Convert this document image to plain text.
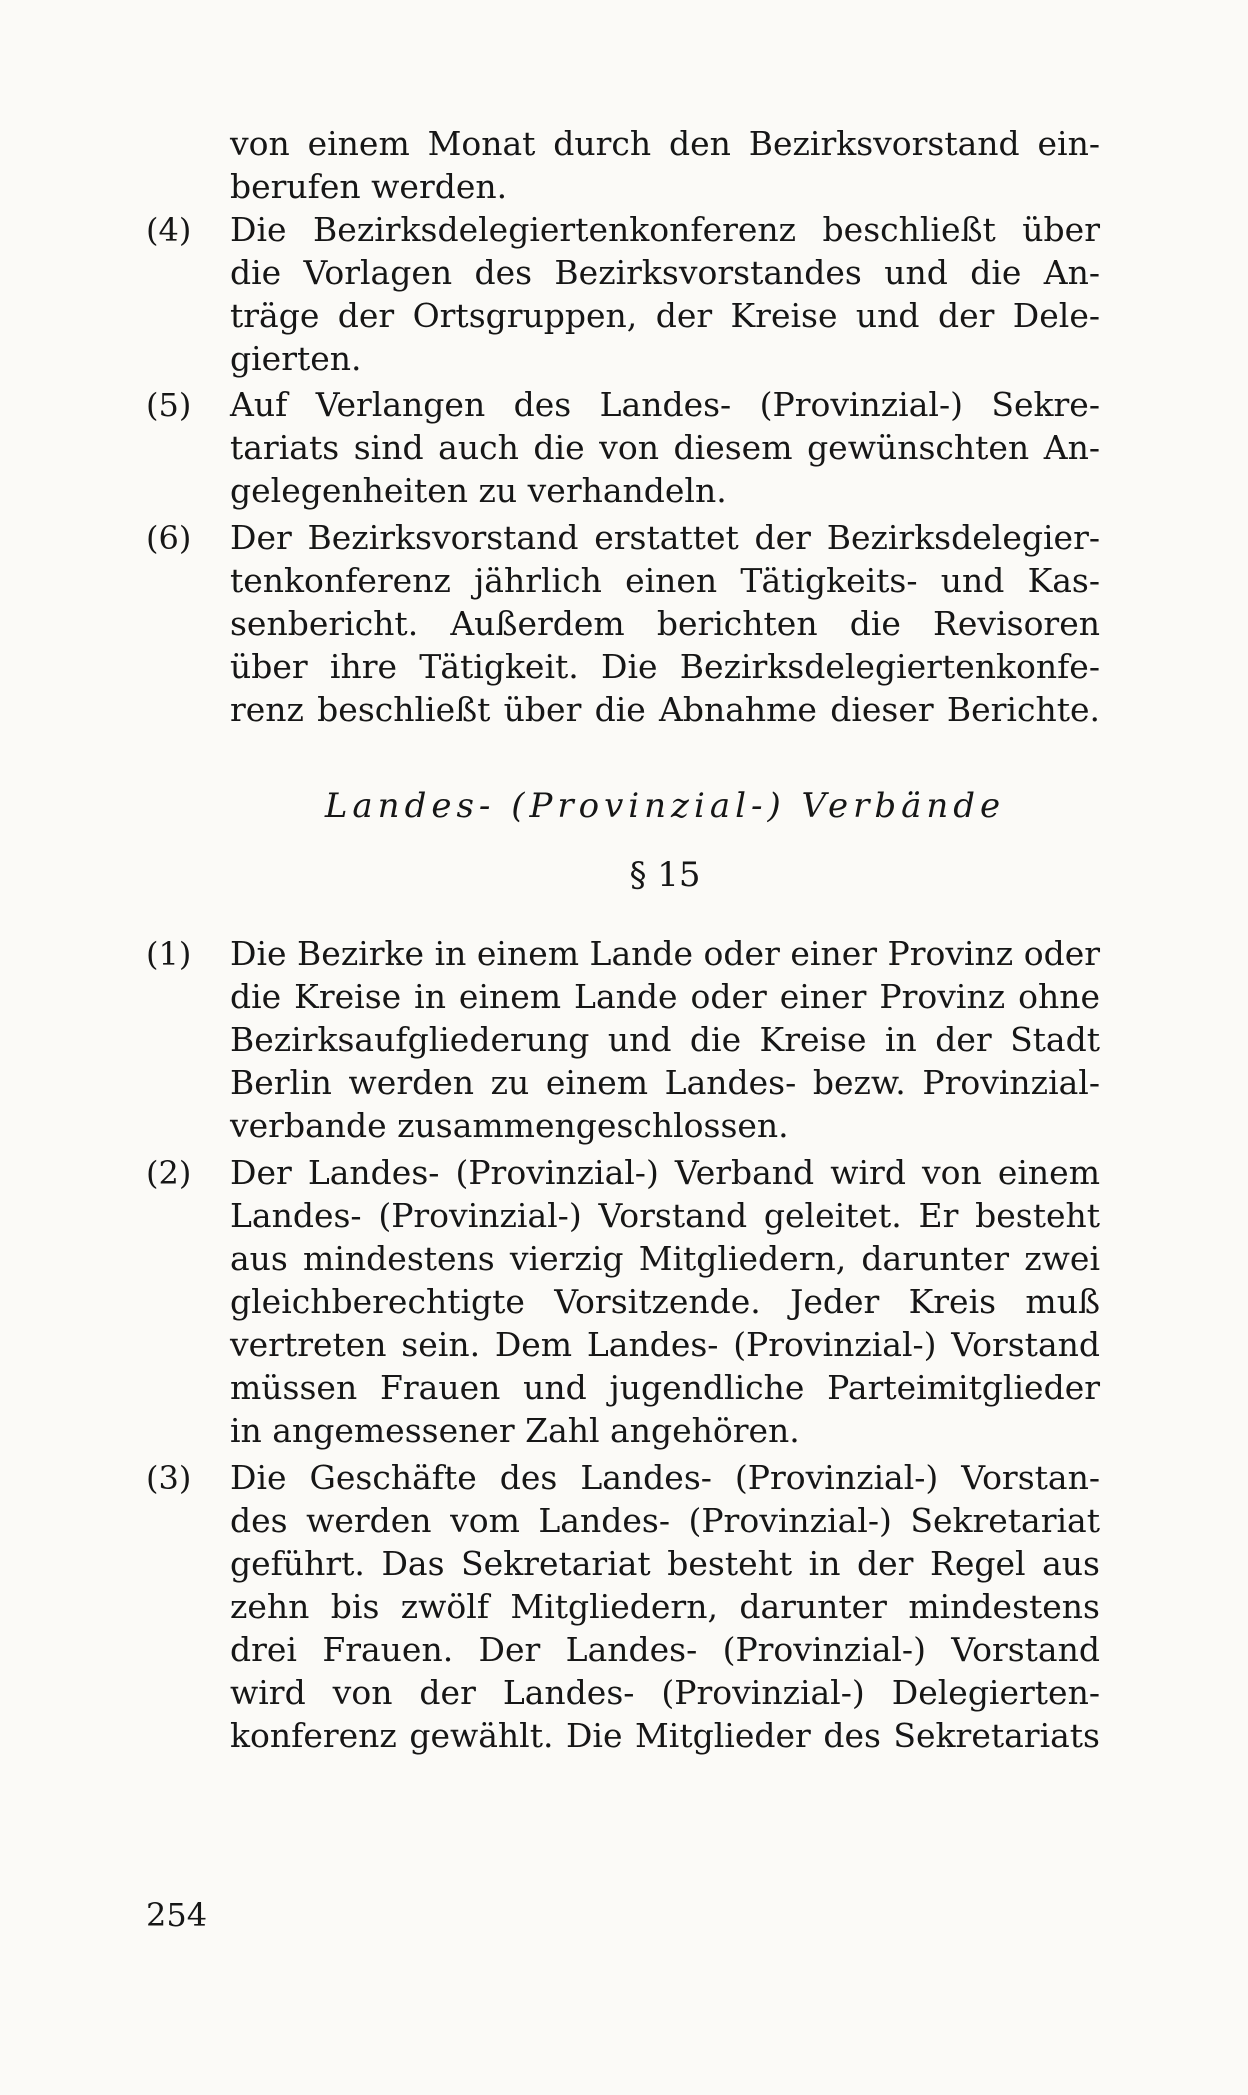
von einem Monat durch den Bezirksvorstand ein-
berufen werden.
(4)	Die Bezirksdelegiertenkonferenz beschließt über
die Vorlagen des Bezirksvorstandes und die An-
träge der Ortsgruppen, der Kreise und der Dele-
gierten.
(5)	Auf Verlangen des Landes- (Provinzial-) Sekre-
tariats sind auch die von diesem gewünschten An-
gelegenheiten zu verhandeln.
(6)	Der Bezirksvorstand erstattet der Bezirksdelegier-
tenkonferenz jährlich einen Tätigkeits- und Kas-
senbericht. Außerdem berichten die Revisoren
über ihre Tätigkeit. Die Bezirksdelegiertenkonfe-
renz beschließt über die Abnahme dieser Berichte.
Landes- (Provinzial-) Verbände
§ 15
(1)	Die Bezirke in einem Lande oder einer Provinz oder
die Kreise in einem Lande oder einer Provinz ohne
Bezirksaufgliederung und die Kreise in der Stadt
Berlin werden zu einem Landes- bezw. Provinzial-
verbande zusammengeschlossen.
(2)	Der Landes- (Provinzial-) Verband wird von einem
Landes- (Provinzial-) Vorstand geleitet. Er besteht
aus mindestens vierzig Mitgliedern, darunter zwei
gleichberechtigte Vorsitzende. Jeder Kreis muß
vertreten sein. Dem Landes- (Provinzial-) Vorstand
müssen Frauen und jugendliche Parteimitglieder
in angemessener Zahl angehören.
(3)	Die Geschäfte des Landes- (Provinzial-) Vorstan-
des werden vom Landes- (Provinzial-) Sekretariat
geführt. Das Sekretariat besteht in der Regel aus
zehn bis zwölf Mitgliedern, darunter mindestens
drei Frauen. Der Landes- (Provinzial-) Vorstand
wird von der Landes- (Provinzial-) Delegierten-
konferenz gewählt. Die Mitglieder des Sekretariats
254
